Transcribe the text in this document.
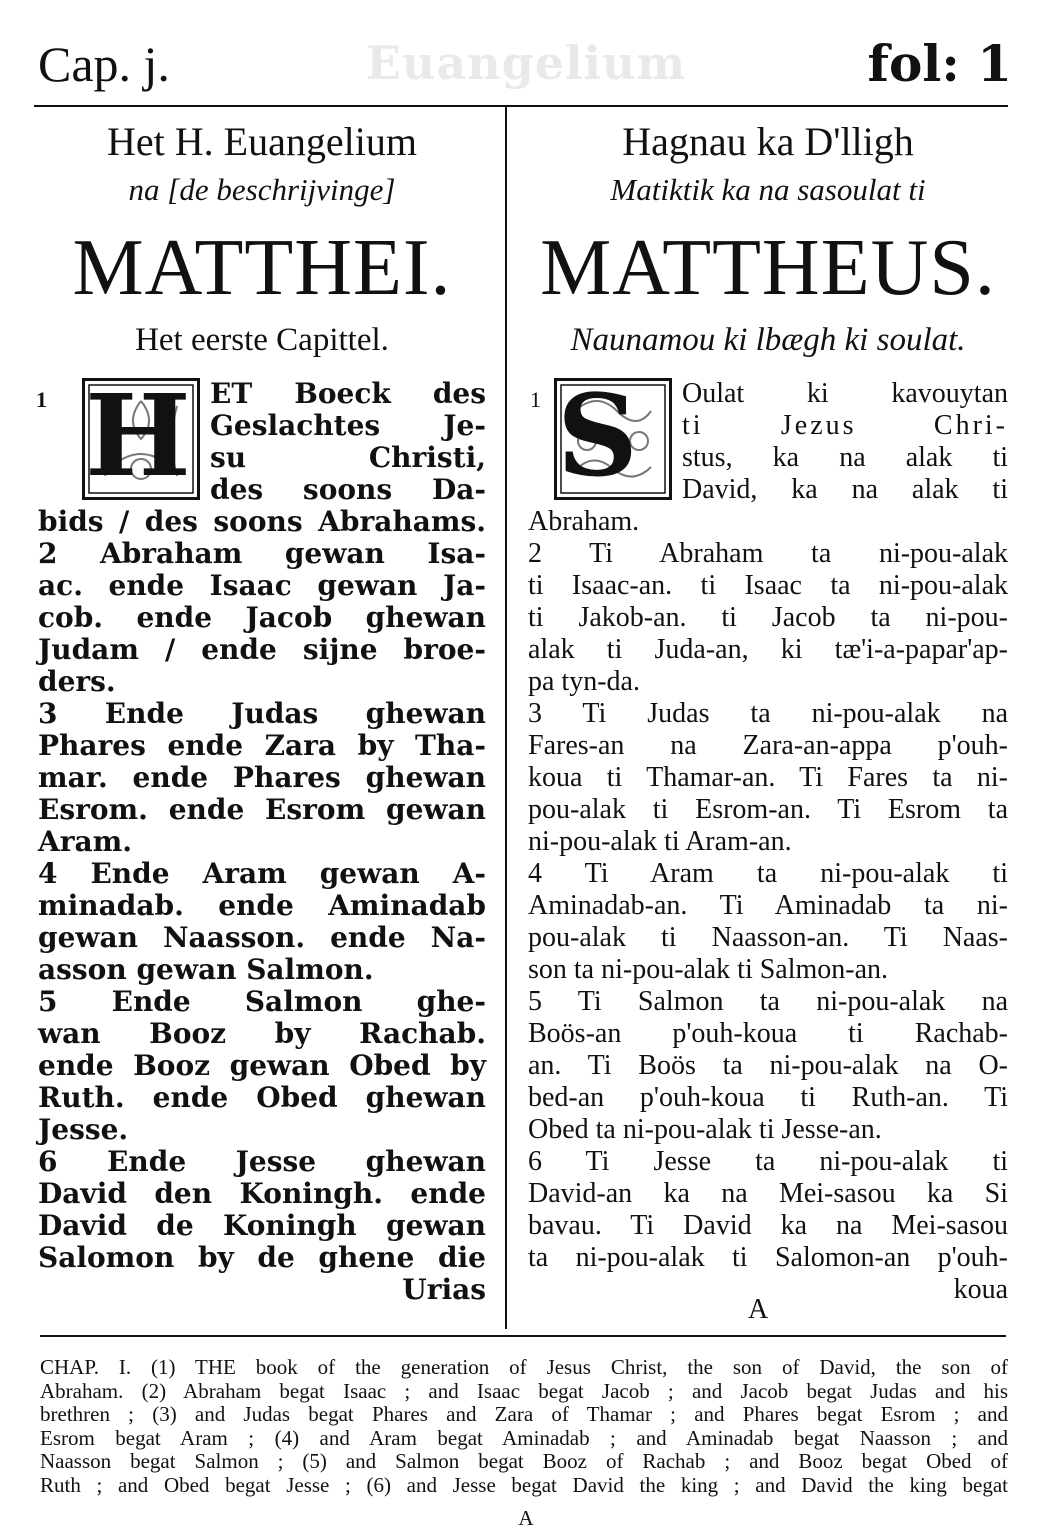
Euangelium
Cap. j.	fol: 1
Het H. Euangelium
na [de beschrijvinge]
MATTHEI.
Het eerste Capittel.
1 H ET Boeck des
Geslachtes Je-
su Christi,
des soons Da-
bids / des soons Abrahams.
2 Abraham gewan Isa-
ac. ende Isaac gewan Ja-
cob. ende Jacob ghewan
Judam / ende sijne broe-
ders.
3 Ende Judas ghewan
Phares ende Zara by Tha-
mar. ende Phares ghewan
Esrom. ende Esrom gewan
Aram.
4 Ende Aram gewan A-
minadab. ende Aminadab
gewan Naasson. ende Na-
asson gewan Salmon.
5 Ende Salmon ghe-
wan Booz by Rachab.
ende Booz gewan Obed by
Ruth. ende Obed ghewan
Jesse.
6 Ende Jesse ghewan
David den Koningh. ende
David de Koningh gewan
Salomon by de ghene die
Urias
Hagnau ka D'lligh
Matiktik ka na sasoulat ti
MATTHEUS.
Naunamou ki lbægh ki soulat.
1 S	Oulat ki kavouytan
ti Jezus Chri-
stus, ka na alak ti
David, ka na alak ti
Abraham.
2 Ti Abraham ta ni-pou-alak
ti Isaac-an. ti Isaac ta ni-pou-alak
ti Jakob-an. ti Jacob ta ni-pou-
alak ti Juda-an, ki tæ'i-a-papar'ap-
pa tyn-da.
3 Ti Judas ta ni-pou-alak na
Fares-an na Zara-an-appa p'ouh-
koua ti Thamar-an. Ti Fares ta ni-
pou-alak ti Esrom-an. Ti Esrom ta
ni-pou-alak ti Aram-an.
4 Ti Aram ta ni-pou-alak ti
Aminadab-an. Ti Aminadab ta ni-
pou-alak ti Naasson-an. Ti Naas-
son ta ni-pou-alak ti Salmon-an.
5 Ti Salmon ta ni-pou-alak na
Boös-an p'ouh-koua ti Rachab-
an. Ti Boös ta ni-pou-alak na O-
bed-an p'ouh-koua ti Ruth-an. Ti
Obed ta ni-pou-alak ti Jesse-an.
6 Ti Jesse ta ni-pou-alak ti
David-an ka na Mei-sasou ka Si
bavau. Ti David ka na Mei-sasou
ta ni-pou-alak ti Salomon-an p'ouh-
koua
A
CHAP. I. (1) THE book of the generation of Jesus Christ, the son of David, the son of
Abraham. (2) Abraham begat Isaac ; and Isaac begat Jacob ; and Jacob begat Judas and his
brethren ; (3) and Judas begat Phares and Zara of Thamar ; and Phares begat Esrom ; and
Esrom begat Aram ; (4) and Aram begat Aminadab ; and Aminadab begat Naasson ; and
Naasson begat Salmon ; (5) and Salmon begat Booz of Rachab ; and Booz begat Obed of
Ruth ; and Obed begat Jesse ; (6) and Jesse begat David the king ; and David the king begat
A
